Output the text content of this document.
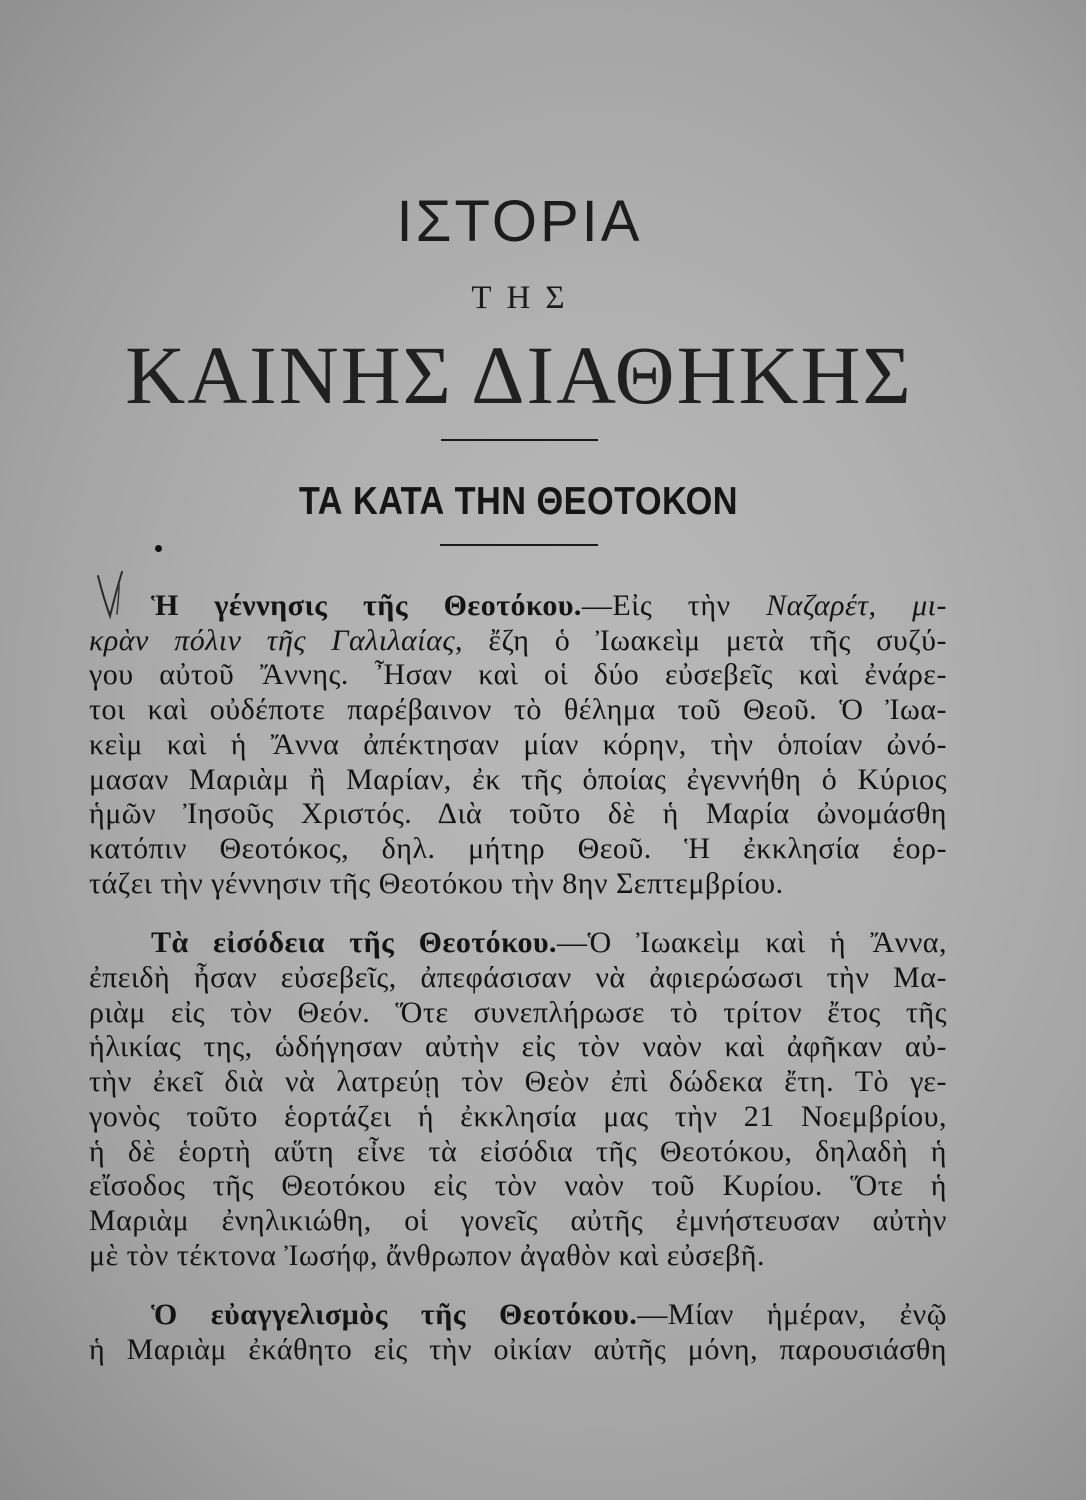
ΙΣΤΟΡΙΑ
ΤΗΣ
ΚΑΙΝΗΣ ΔΙΑΘΗΚΗΣ
ΤΑ ΚΑΤΑ ΤΗΝ ΘΕΟΤΟΚΟΝ
Ἡ γέννησις τῆς Θεοτόκου.—Εἰς τὴν Ναζαρέτ, μι-
κρὰν πόλιν τῆς Γαλιλαίας, ἔζη ὁ Ἰωακεὶμ μετὰ τῆς συζύ-
γου αὐτοῦ Ἄννης. Ἦσαν καὶ οἱ δύο εὐσεβεῖς καὶ ἐνάρε-
τοι καὶ οὐδέποτε παρέβαινον τὸ θέλημα τοῦ Θεοῦ. Ὁ Ἰωα-
κεὶμ καὶ ἡ Ἄννα ἀπέκτησαν μίαν κόρην, τὴν ὁποίαν ὠνό-
μασαν Μαριὰμ ἢ Μαρίαν, ἐκ τῆς ὁποίας ἐγεννήθη ὁ Κύριος
ἡμῶν Ἰησοῦς Χριστός. Διὰ τοῦτο δὲ ἡ Μαρία ὠνομάσθη
κατόπιν Θεοτόκος, δηλ. μήτηρ Θεοῦ. Ἡ ἐκκλησία ἑορ-
τάζει τὴν γέννησιν τῆς Θεοτόκου τὴν 8ην Σεπτεμβρίου.
Τὰ εἰσόδεια τῆς Θεοτόκου.—Ὁ Ἰωακεὶμ καὶ ἡ Ἄννα,
ἐπειδὴ ἦσαν εὐσεβεῖς, ἀπεφάσισαν νὰ ἀφιερώσωσι τὴν Μα-
ριὰμ εἰς τὸν Θεόν. Ὅτε συνεπλήρωσε τὸ τρίτον ἔτος τῆς
ἡλικίας της, ὡδήγησαν αὐτὴν εἰς τὸν ναὸν καὶ ἀφῆκαν αὐ-
τὴν ἐκεῖ διὰ νὰ λατρεύῃ τὸν Θεὸν ἐπὶ δώδεκα ἔτη. Τὸ γε-
γονὸς τοῦτο ἑορτάζει ἡ ἐκκλησία μας τὴν 21 Νοεμβρίου,
ἡ δὲ ἑορτὴ αὕτη εἶνε τὰ εἰσόδια τῆς Θεοτόκου, δηλαδὴ ἡ
εἴσοδος τῆς Θεοτόκου εἰς τὸν ναὸν τοῦ Κυρίου. Ὅτε ἡ
Μαριὰμ ἐνηλικιώθη, οἱ γονεῖς αὐτῆς ἐμνήστευσαν αὐτὴν
μὲ τὸν τέκτονα Ἰωσήφ, ἄνθρωπον ἀγαθὸν καὶ εὐσεβῆ.
Ὁ εὐαγγελισμὸς τῆς Θεοτόκου.—Μίαν ἡμέραν, ἐνῷ
ἡ Μαριὰμ ἐκάθητο εἰς τὴν οἰκίαν αὐτῆς μόνη, παρουσιάσθη
